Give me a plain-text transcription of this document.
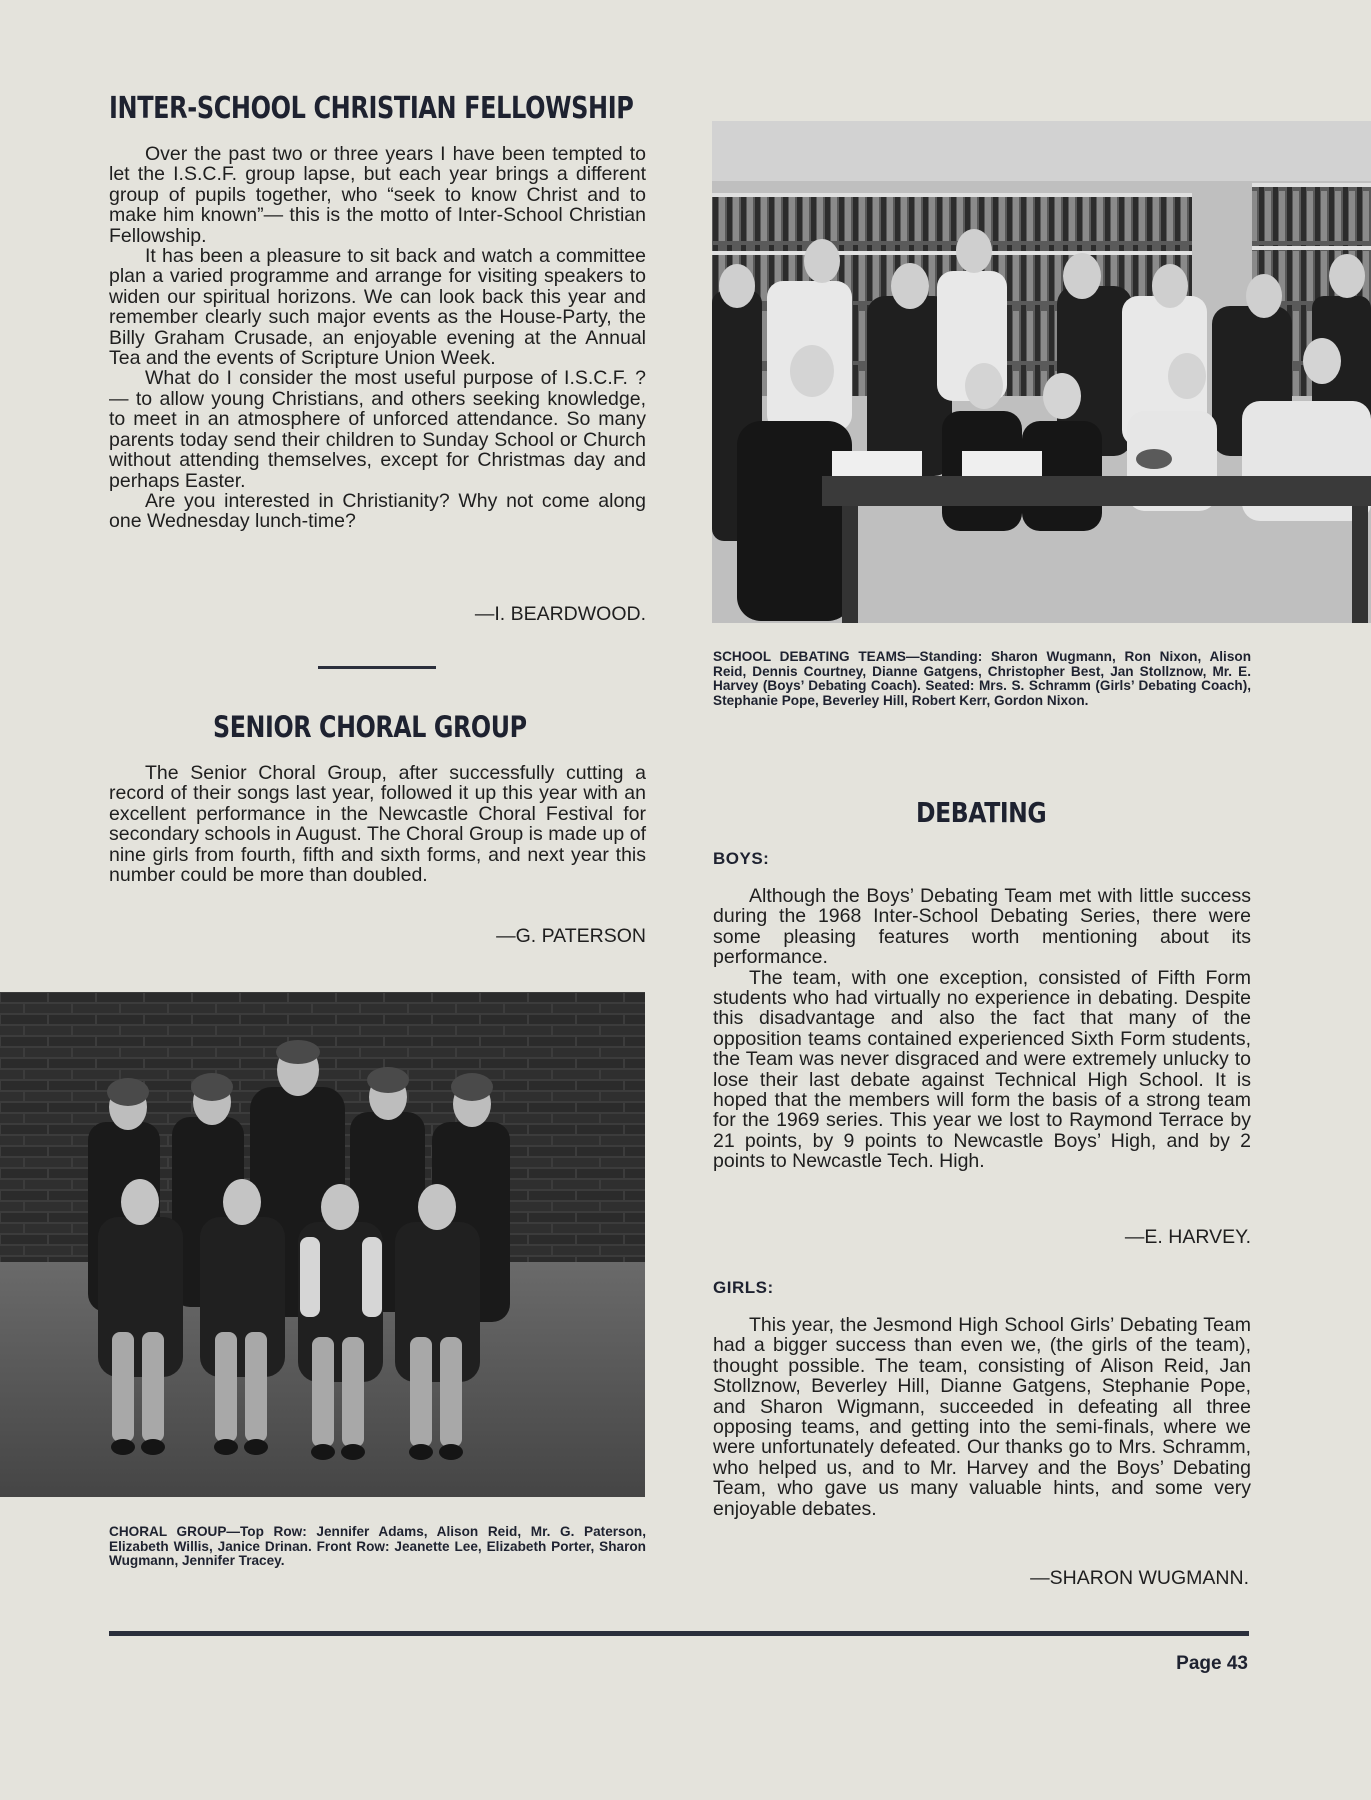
INTER-SCHOOL CHRISTIAN FELLOWSHIP

Over the past two or three years I have been tempted to let the I.S.C.F. group lapse, but each year brings a different group of pupils together, who “seek to know Christ and to make him known”— this is the motto of Inter-School Christian Fellowship.

It has been a pleasure to sit back and watch a committee plan a varied programme and arrange for visiting speakers to widen our spiritual horizons. We can look back this year and remember clearly such major events as the House-Party, the Billy Graham Crusade, an enjoyable evening at the Annual Tea and the events of Scripture Union Week.

What do I consider the most useful purpose of I.S.C.F. ? — to allow young Christians, and others seeking knowledge, to meet in an atmosphere of unforced attendance. So many parents today send their children to Sunday School or Church without attending themselves, except for Christmas day and perhaps Easter.

Are you interested in Christianity? Why not come along one Wednesday lunch-time?

—I. BEARDWOOD.
SENIOR CHORAL GROUP

The Senior Choral Group, after successfully cutting a record of their songs last year, followed it up this year with an excellent performance in the Newcastle Choral Festival for secondary schools in August. The Choral Group is made up of nine girls from fourth, fifth and sixth forms, and next year this number could be more than doubled.

—G. PATERSON
CHORAL GROUP—Top Row: Jennifer Adams, Alison Reid, Mr. G. Paterson, Elizabeth Willis, Janice Drinan. Front Row: Jeanette Lee, Elizabeth Porter, Sharon Wugmann, Jennifer Tracey.
SCHOOL DEBATING TEAMS—Standing: Sharon Wugmann, Ron Nixon, Alison Reid, Dennis Courtney, Dianne Gatgens, Christopher Best, Jan Stollznow, Mr. E. Harvey (Boys’ Debating Coach). Seated: Mrs. S. Schramm (Girls’ Debating Coach), Stephanie Pope, Beverley Hill, Robert Kerr, Gordon Nixon.
DEBATING
BOYS:

Although the Boys’ Debating Team met with little success during the 1968 Inter-School Debating Series, there were some pleasing features worth mentioning about its performance.

The team, with one exception, consisted of Fifth Form students who had virtually no experience in debating. Despite this disadvantage and also the fact that many of the opposition teams contained experienced Sixth Form students, the Team was never disgraced and were extremely unlucky to lose their last debate against Technical High School. It is hoped that the members will form the basis of a strong team for the 1969 series. This year we lost to Raymond Terrace by 21 points, by 9 points to Newcastle Boys’ High, and by 2 points to Newcastle Tech. High.

—E. HARVEY.
GIRLS:

This year, the Jesmond High School Girls’ Debating Team had a bigger success than even we, (the girls of the team), thought possible. The team, consisting of Alison Reid, Jan Stollznow, Beverley Hill, Dianne Gatgens, Stephanie Pope, and Sharon Wigmann, succeeded in defeating all three opposing teams, and getting into the semi-finals, where we were unfortunately defeated. Our thanks go to Mrs. Schramm, who helped us, and to Mr. Harvey and the Boys’ Debating Team, who gave us many valuable hints, and some very enjoyable debates.

—SHARON WUGMANN.
Page 43
